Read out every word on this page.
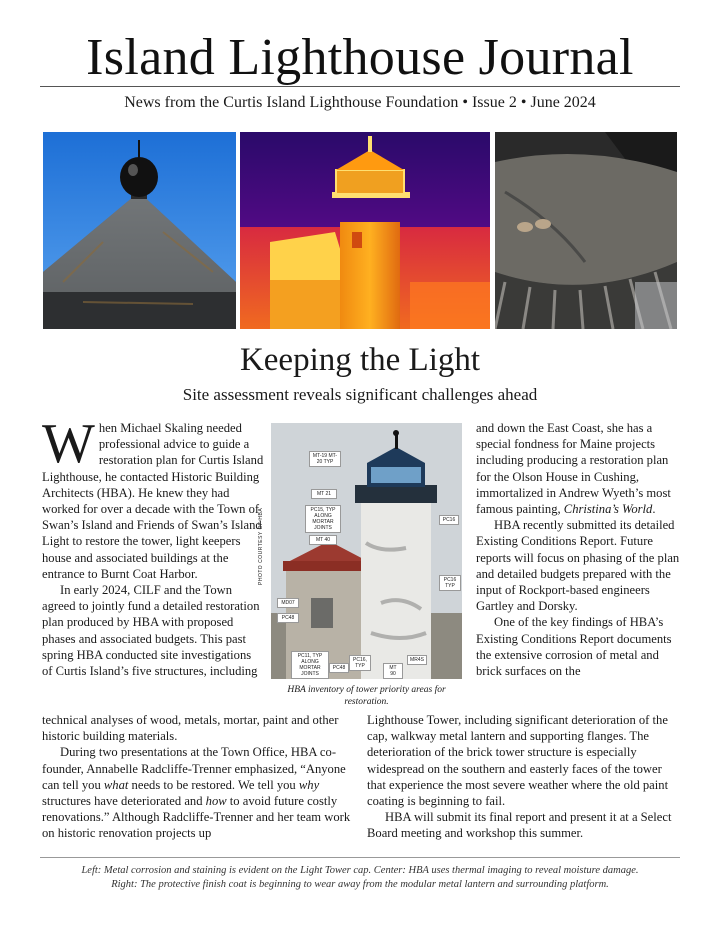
Island Lighthouse Journal
News from the Curtis Island Lighthouse Foundation • Issue 2 • June 2024
Keeping the Light
Site assessment reveals significant challenges ahead

W hen Michael Skaling needed professional advice to guide a restoration plan for Curtis Island Lighthouse, he contacted Historic Building Architects (HBA). He knew they had worked for over a decade with the Town of Swan’s Island and Friends of Swan’s Island Light to restore the tower, light keepers house and associated buildings at the entrance to Burnt Coat Harbor.

In early 2024, CILF and the Town agreed to jointly fund a detailed restoration plan produced by HBA with proposed phases and associated budgets. This past spring HBA conducted site investigations of Curtis Island’s five structures, including

MT-19 MT-20 TYP
MT 21
PC15, TYP ALONG MORTAR JOINTS
MT 40
PC16
PC16 TYP
MD07
PC48
PC11, TYP ALONG MORTAR JOINTS
PC48
PC16, TYP	MT 90
MR4S
PHOTO COURTESY OF HBA
HBA inventory of tower priority areas for restoration.

and down the East Coast, she has a special fondness for Maine projects including producing a restoration plan for the Olson House in Cushing, immortalized in Andrew Wyeth’s most famous painting, Christina’s World.

HBA recently submitted its detailed Existing Conditions Report. Future reports will focus on phasing of the plan and detailed budgets prepared with the input of Rockport-based engineers Gartley and Dorsky.

One of the key findings of HBA’s Existing Conditions Report documents the extensive corrosion of metal and brick surfaces on the

technical analyses of wood, metals, mortar, paint and other historic building materials.

During two presentations at the Town Office, HBA co-founder, Annabelle Radcliffe-Trenner emphasized, “Anyone can tell you what needs to be restored. We tell you why structures have deteriorated and how to avoid future costly renovations.” Although Radcliffe-Trenner and her team work on historic renovation projects up

Lighthouse Tower, including significant deterioration of the cap, walkway metal lantern and supporting flanges. The deterioration of the brick tower structure is especially widespread on the southern and easterly faces of the tower that experience the most severe weather where the old paint coating is beginning to fail.

HBA will submit its final report and present it at a Select Board meeting and workshop this summer.

Left: Metal corrosion and staining is evident on the Light Tower cap. Center: HBA uses thermal imaging to reveal moisture damage.
Right: The protective finish coat is beginning to wear away from the modular metal lantern and surrounding platform.
